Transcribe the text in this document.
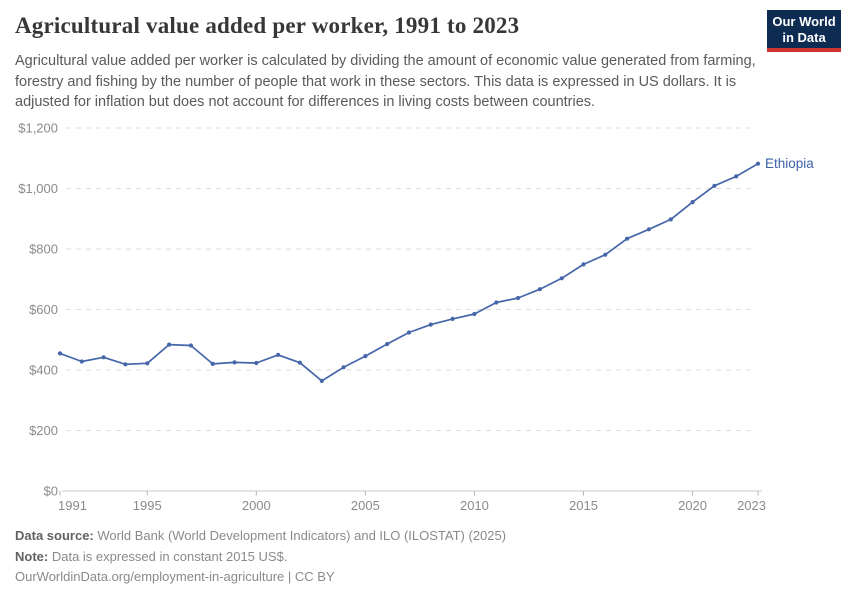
Agricultural value added per worker, 1991 to 2023	Our World
in Data

Agricultural value added per worker is calculated by dividing the amount of economic value generated from farming, forestry and fishing by the number of people that work in these sectors. This data is expressed in US dollars. It is adjusted for inflation but does not account for differences in living costs between countries.

$0
$200
$400
$600
$800
$1,000
$1,200
1991	1995	2000	2005	2010	2015	2020 2023
Ethiopia
Data source: World Bank (World Development Indicators) and ILO (ILOSTAT) (2025)
Note: Data is expressed in constant 2015 US$.
OurWorldinData.org/employment-in-agriculture | CC BY
